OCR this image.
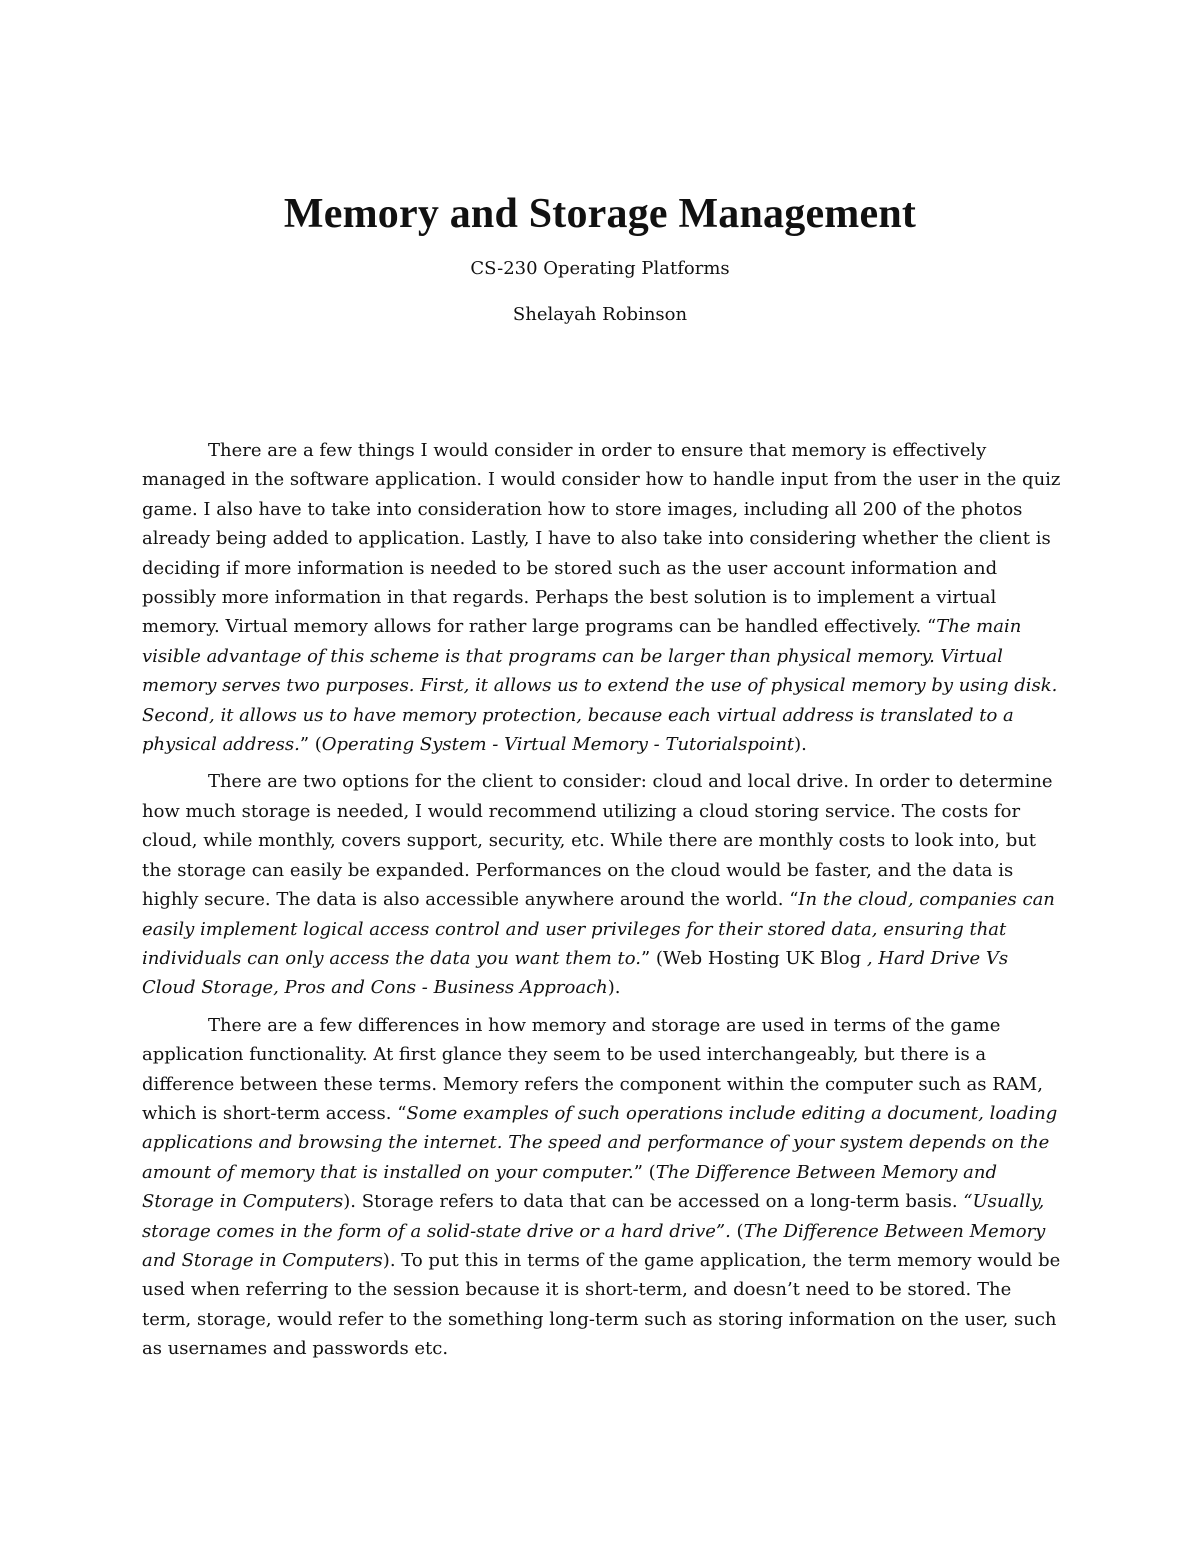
Memory and Storage Management

CS-230 Operating Platforms

Shelayah Robinson

There are a few things I would consider in order to ensure that memory is effectively managed in the software application. I would consider how to handle input from the user in the quiz game. I also have to take into consideration how to store images, including all 200 of the photos already being added to application. Lastly, I have to also take into considering whether the client is deciding if more information is needed to be stored such as the user account information and possibly more information in that regards. Perhaps the best solution is to implement a virtual memory. Virtual memory allows for rather large programs can be handled effectively. “The main visible advantage of this scheme is that programs can be larger than physical memory. Virtual memory serves two purposes. First, it allows us to extend the use of physical memory by using disk. Second, it allows us to have memory protection, because each virtual address is translated to a physical address.” (Operating System - Virtual Memory - Tutorialspoint).

There are two options for the client to consider: cloud and local drive. In order to determine how much storage is needed, I would recommend utilizing a cloud storing service. The costs for cloud, while monthly, covers support, security, etc. While there are monthly costs to look into, but the storage can easily be expanded. Performances on the cloud would be faster, and the data is highly secure. The data is also accessible anywhere around the world. “In the cloud, companies can easily implement logical access control and user privileges for their stored data, ensuring that individuals can only access the data you want them to.” (Web Hosting UK Blog , Hard Drive Vs Cloud Storage, Pros and Cons - Business Approach).

There are a few differences in how memory and storage are used in terms of the game application functionality. At first glance they seem to be used interchangeably, but there is a difference between these terms. Memory refers the component within the computer such as RAM, which is short-term access. “Some examples of such operations include editing a document, loading applications and browsing the internet. The speed and performance of your system depends on the amount of memory that is installed on your computer.” (The Difference Between Memory and Storage in Computers). Storage refers to data that can be accessed on a long-term basis. “Usually, storage comes in the form of a solid-state drive or a hard drive”. (The Difference Between Memory and Storage in Computers). To put this in terms of the game application, the term memory would be used when referring to the session because it is short-term, and doesn’t need to be stored. The term, storage, would refer to the something long-term such as storing information on the user, such as usernames and passwords etc.
